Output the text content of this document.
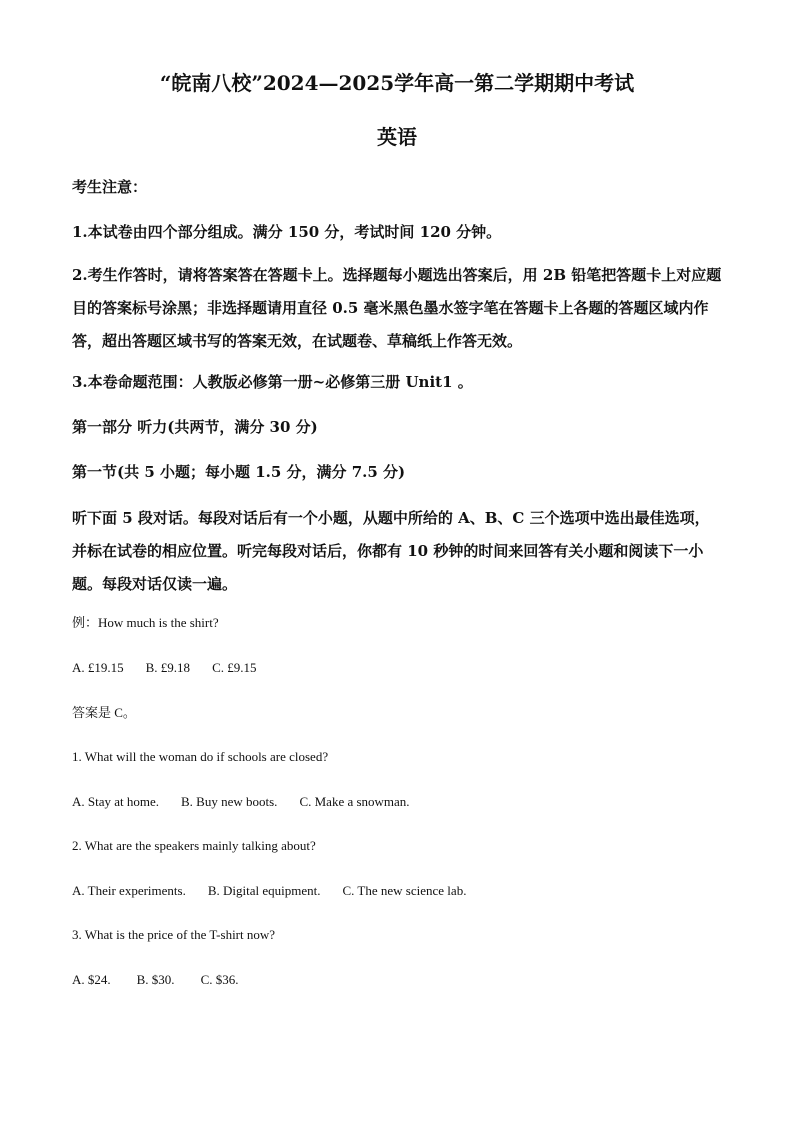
“皖南八校”2024—2025学年高一第二学期期中考试
英语
考生注意：
1.本试卷由四个部分组成。满分 150 分，考试时间 120 分钟。
2.考生作答时，请将答案答在答题卡上。选择题每小题选出答案后，用 2B 铅笔把答题卡上对应题目的答案标号涂黑；非选择题请用直径 0.5 毫米黑色墨水签字笔在答题卡上各题的答题区域内作答，超出答题区域书写的答案无效，在试题卷、草稿纸上作答无效。
3.本卷命题范围：人教版必修第一册~必修第三册 Unit1 。
第一部分 听力(共两节，满分 30 分)
第一节(共 5 小题；每小题 1.5 分，满分 7.5 分)
听下面 5 段对话。每段对话后有一个小题，从题中所给的 A、B、C 三个选项中选出最佳选项，并标在试卷的相应位置。听完每段对话后，你都有 10 秒钟的时间来回答有关小题和阅读下一小题。每段对话仅读一遍。
例：How much is the shirt?
A. £19.15 B. £9.18 C. £9.15
答案是 C。
1. What will the woman do if schools are closed?
A. Stay at home. B. Buy new boots. C. Make a snowman.
2. What are the speakers mainly talking about?
A. Their experiments. B. Digital equipment. C. The new science lab.
3. What is the price of the T-shirt now?
A. $24. B. $30. C. $36.
